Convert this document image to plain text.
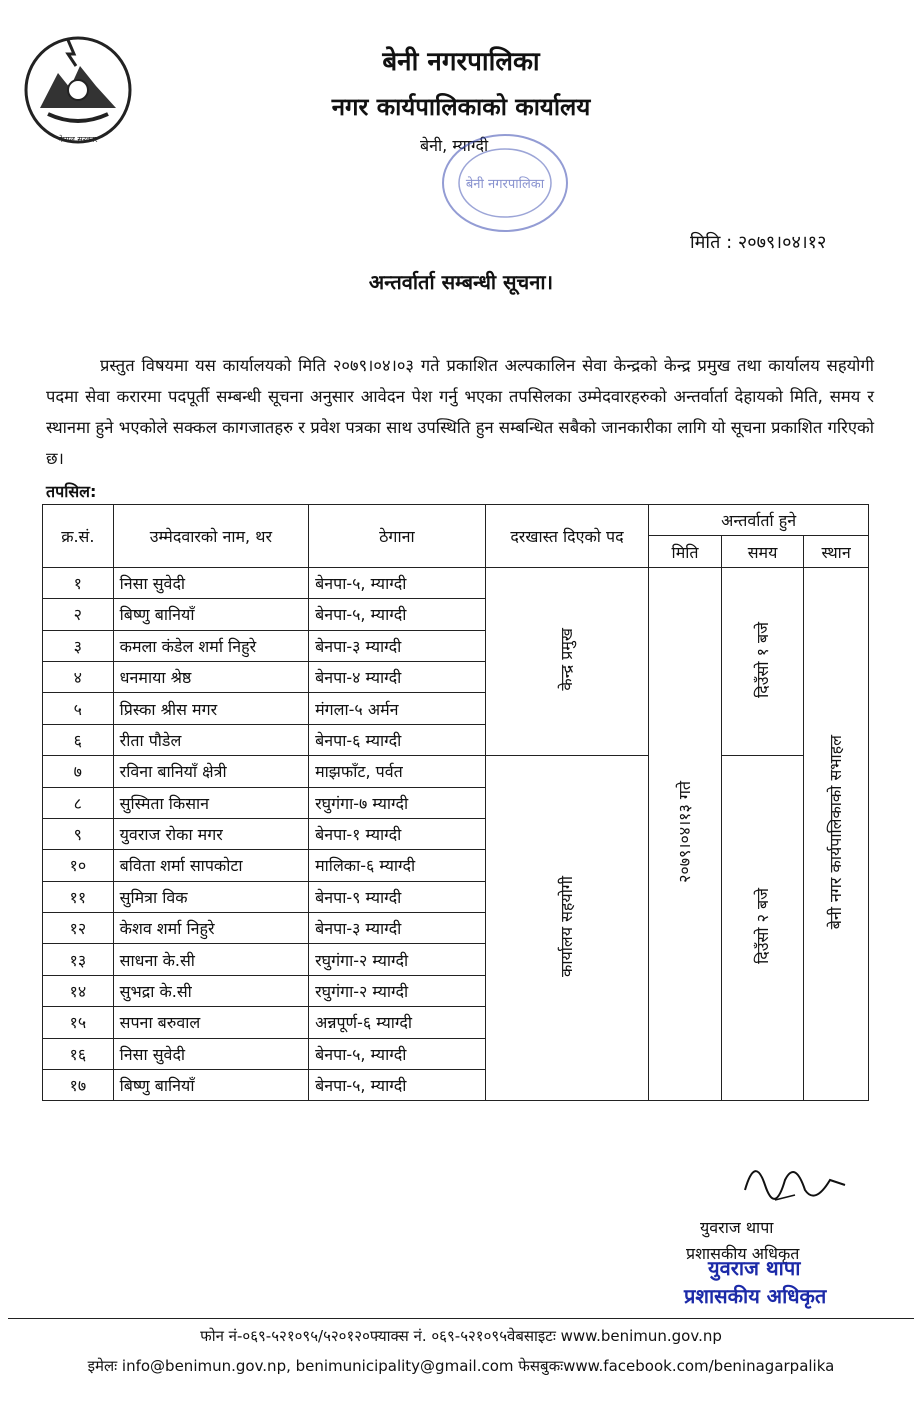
नेपाल सरकार
बेनी नगरपालिका
नगर कार्यपालिकाको कार्यालय
बेनी, म्याग्दी
बेनी नगरपालिका
मिति : २०७९।०४।१२
अन्तर्वार्ता सम्बन्धी सूचना।
प्रस्तुत विषयमा यस कार्यालयको मिति २०७९।०४।०३ गते प्रकाशित अल्पकालिन सेवा केन्द्रको केन्द्र प्रमुख तथा कार्यालय सहयोगी पदमा सेवा करारमा पदपूर्ती सम्बन्धी सूचना अनुसार आवेदन पेश गर्नु भएका तपसिलका उम्मेदवारहरुको अन्तर्वार्ता देहायको मिति, समय र स्थानमा हुने भएकोले सक्कल कागजातहरु र प्रवेश पत्रका साथ उपस्थिति हुन सम्बन्धित सबैको जानकारीका लागि यो सूचना प्रकाशित गरिएको छ।
तपसिल:
क्र.सं.	उम्मेदवारको नाम, थर	ठेगाना	दरखास्त दिएको पद	अन्तर्वार्ता हुने		
				मिति	समय	स्थान
१	निसा सुवेदी	बेनपा-५, म्याग्दी	केन्द्र प्रमुख	२०७९।०४।१३ गते	दिउँसो १ बजे	बेनी नगर कार्यपालिकाको सभाहल
२	बिष्णु बानियाँ	बेनपा-५, म्याग्दी				
३	कमला कंडेल शर्मा निहुरे	बेनपा-३ म्याग्दी				
४	धनमाया श्रेष्ठ	बेनपा-४ म्याग्दी				
५	प्रिस्का श्रीस मगर	मंगला-५ अर्मन				
६	रीता पौडेल	बेनपा-६ म्याग्दी				
७	रविना बानियाँ क्षेत्री	माझफाँट, पर्वत	कार्यालय सहयोगी		दिउँसो २ बजे	
८	सुस्मिता किसान	रघुगंगा-७ म्याग्दी				
९	युवराज रोका मगर	बेनपा-१ म्याग्दी				
१०	बविता शर्मा सापकोटा	मालिका-६ म्याग्दी				
११	सुमित्रा विक	बेनपा-९ म्याग्दी				
१२	केशव शर्मा निहुरे	बेनपा-३ म्याग्दी				
१३	साधना के.सी	रघुगंगा-२ म्याग्दी				
१४	सुभद्रा के.सी	रघुगंगा-२ म्याग्दी				
१५	सपना बरुवाल	अन्नपूर्ण-६ म्याग्दी				
१६	निसा सुवेदी	बेनपा-५, म्याग्दी				
१७	बिष्णु बानियाँ	बेनपा-५, म्याग्दी				
युवराज थापा
प्रशासकीय अधिकृत
युवराज थापा
प्रशासकीय अधिकृत
फोन नं-०६९-५२१०९५/५२०१२०फ्याक्स नं. ०६९-५२१०९५वेबसाइटः www.benimun.gov.np
इमेलः info@benimun.gov.np, benimunicipality@gmail.com फेसबुकःwww.facebook.com/beninagarpalika
